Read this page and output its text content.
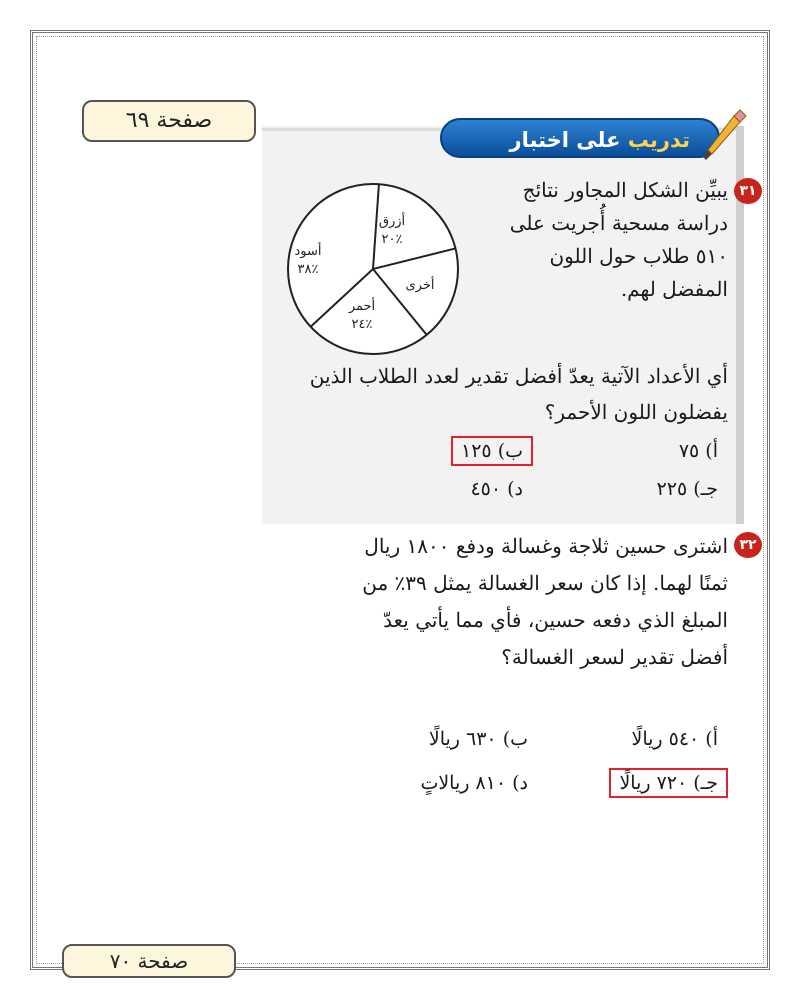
صفحة ٦٩
تدريب على اختبار
أزرق
٢٠٪
أخرى
أحمر
٢٤٪
أسود
٣٨٪
٣١
يبيِّن الشكل المجاور نتائج دراسة مسحية أُجريت على ٥١٠ طلاب حول اللون المفضل لهم.
أي الأعداد الآتية يعدّ أفضل تقدير لعدد الطلاب الذين يفضلون اللون الأحمر؟
أ) ٧٥
ب) ١٢٥
جـ) ٢٢٥
د) ٤٥٠
٣٢
اشترى حسين ثلاجة وغسالة ودفع ١٨٠٠ ريال ثمنًا لهما. إذا كان سعر الغسالة يمثل ٣٩٪ من المبلغ الذي دفعه حسين، فأي مما يأتي يعدّ أفضل تقدير لسعر الغسالة؟
أ) ٥٤٠ ريالًا
ب) ٦٣٠ ريالًا
جـ) ٧٢٠ ريالًا
د) ٨١٠ ريالاتٍ
صفحة ٧٠
